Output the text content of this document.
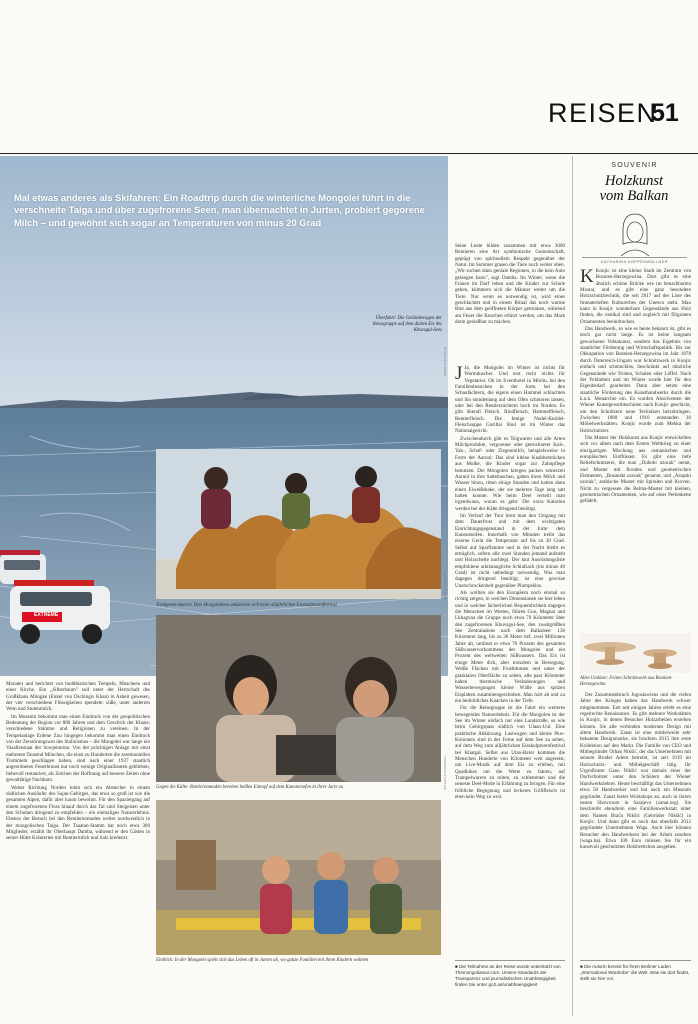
REISEN
51
Mal etwas anderes als Skifahren: Ein Roadtrip durch die winterliche Mongolei führt in die verschneite Taiga und über zugefrorene Seen, man übernachtet in Jurten, probiert gegorene Milch – und gewöhnt sich sogar an Temperaturen von minus 20 Grad
EXTREME
Überfahrt: Die Geländewagen der Reisegruppe auf dem dicken Eis des Khuvsgul-Sees
ANDRE FORSTER (4)
Trompeten-Auerot: Drei Mongolinnen amüsieren sich beim alljährlichen Eisskulpturenfestival
MICHAEL ZAMOYSK
Gegen die Kälte: Rentiernomaden bereiten heißen Eintopf auf dem Kanonenofen in ihrer Jurte zu	MATHIAS KLINGENBERG
Einblick: In der Mongolei spielt sich das Leben oft in Jurten ab, wo ganze Familien mit ihren Kindern wohnen

Monate) und berichtet von buddhistischen Tempeln, Moscheen und einer Kirche. Ein „Silberbaum" soll unter der Herrschaft des Großkhans Möngke (Enkel von Dschingis Khan) in Asbeit gewesen, der vier verschiedene Flüssigkeiten spendete: süße, unter anderem Wein und Stutenmilch.

Im Museum bekommt man einen Eindruck von der geopolitischen Bedeutung der Region vor 800 Jahren und dem Geschick der Khane, verschiedene Stämme und Religionen zu vereinen. In der Tempelanlage Erdene Zuu hingegen bekommt man einen Eindruck von der Zerstörungswut des Stalinismus – die Mongolei war lange ein Vasallenstaat der Sowjetunion. Von der prächtigen Anlage mit einst mehreren Tausend Mönchen, die einst zu Hunderten die zeremoniellen Trommeln geschlagen haben, sind nach einer 1937 staatlich angeordneten Feuerbrunst nur noch wenige Originalbauten geblieben, liebevoll restauriert, als Zeichen der Hoffnung auf bessere Zeiten ohne gewalttätige Nachbarn.

Weiter Richtung Norden lohnt sich ein Abstecher in einem südlichen Ausläufer des Sajan-Gebirges, das etwa so groß ist wie die gesamten Alpen, dafür aber kaum bewohnt. Für den Spaziergang auf einem zugefrorenen Fluss hinauf durch das Tal sind Steigeisen unter den Schuhen dringend zu empfehlen – ein einmaliges Naturerlebnis. Ebenso der Besuch bei den Rentiernomaden weiter nordwestlich in der mongolischen Taiga. Der Tsaatan-Stamm hat noch etwa 300 Mitglieder, erzählt ihr Oberhaupt Damba, während er den Gästen in seiner Hütte Kräutertee mit Rentiermilch und Salz kredenzt.

Seine Leute bilden zusammen mit etwa 3000 Rentieren eine Art symbiotische Gemeinschaft, geprägt von spirituellem Respekt gegenüber der Natur. Im Sommer grasen die Tiere noch weiter oben. „Wir suchen dann geniale Regionen, in die kein Auto gelangen kann", sagt Damba. Im Winter, wenn die Frauen im Dorf leben und die Kinder zur Schule gehen, kümmern sich die Männer weiter um die Tiere. Nur wenn es notwendig ist, wird eines geschlachtet und in einem Ritual das noch warme Blut aus dem geöffneten Körper getrunken, während am Feuer die Knochen erhitzt werden, um das Mark darin genießbar zu machen.

J Ja, die Mongolei im Winter ist nichts für Warmduscher. Und erst recht nichts für Vegetarier. Ob im Eventhotel in Mörön, bei den Familienbesuchen in der Jurte, bei den Schaufächtern, die eigens einen Hammel schlachten und ihn stundenlang auf dem Ofen schmoren lassen, oder bei den Rentierzüchtern hoch im Norden. Es gibt überall Fleisch. Rindfleisch, Hammelfleisch, Rentierfleisch. Die fettige Nudel-Knödel-Fleischsuppe Guriltai Shul ist im Winter das Nationalgericht.

Zwischendurch gibt es Teigwaren und alle Arten Milchprodukte, vergorener oder getrockneter Kuh-, Yak-, Schaf- oder Ziegenmilch, beispielsweise in Form der Aaruul: Das sind kleine Knabberstücken aus Molke, die Kinder sogar zur Zahnpflege benutzen. Die Mongolen kriegen packen seinerzeit Aaruul in ihre Satteltaschen, gaben ihren Milch und Wasser hinzu, ritten einige Stunden und hatten dann einen Eiweißshake, der sie mehrere Tage lang satt halten konnte. Wie beim Deel verteilt man irgendwann, woran es geht: Die extra Kalorien werden bei der Kälte dringend benötigt.

Im Verlauf der Tour lernt man den Umgang mit dem Dauerfrost und mit dem wichtigsten Einrichtungsgegenstand in der Jurte: dem Kanonenofen. Innerhalb von Minuten treibt das eiserne Gerät die Temperatur auf bis zu 30 Grad. Selbst auf Sparflamme und in der Nacht bleibt es erträglich, sofern alle zwei Stunden jemand aufsteht und Holzscheite nachlegt. Der laut Ausrüstungsliste empfohlene arktistaugliche Schlafsack (bis minus 40 Grad) ist nicht unbedingt notwendig. Was man dagegen dringend benötigt, ist eine gewisse Unerschrockenheit gegenüber Plumpsklos.

Als wollten sie den Europäern noch einmal so richtig zeigen, in welchen Dimensionen sie hier leben und in welcher lächerlichen Bequemlichkeit dagegen die Menschen im Westen, führen Goo, Magnai und Lkhagvaa die Gruppe noch etwa 70 Kilometer über den zugefrorenen Khuvsgul-See, den zweitgrößten See Zentralasiens nach dem Baikalsee: 136 Kilometer lang, bis zu 36 Meter tief, zwei Millionen Jahre alt, umfasst er etwa 70 Prozent des gesamten Süßwasservorkommens der Mongolei und ein Prozent des weltweiten Süßwassers. Das Eis ist einige Meter dick, aber trotzdem in Bewegung. Weiße Flächen mit Frostblumen und unter der glasklaren Oberfläche zu sehen, alle paar Kilometer haben thermische Veränderungen und Wasserbewegungen kleine Wälle aus spitzen Eisplatten zusammengeschoben. Man hört ab und zu ein bedrohliches Knacken in der Tiefe.

Für die Reisegruppe ist die Fahrt ein weiteres bewegendes Naturerlebnis. Für die Mongolen ist der See im Winter einfach nur eine Landstraße, so wie beim Gebirgspass südlich von Ulaan-Uul. Eine praktische Abkürzung. Lastwagen und kleine Pkw-Kolonnen sind in der Ferne auf dem See zu sehen, auf dem Weg zum alljährlichen Eisskulpturenfestival bei Khatgal. Selbst aus Ulan-Bator kommen die Menschen Hunderte von Kilometer weit angereist, um Live-Musik auf dem Eis zu erleben, mit Quadbikes um die Wette zu fahren, auf Trampelwarren zu reiten, zu schlemmen und die neueste Deel-Mode in Erfahrung zu bringen. Für eine fröhliche Begegnung und leckeres Grillfleisch ist eben kein Weg zu weit.

■ Die Teilnahme an der Reise wurde unterstützt von Themongoliatour.com. Unsere Standards der Transparenz und journalistischen Unabhängigkeit finden Sie unter go2.as/unabhaengigkeit
SOUVENIR
Holzkunst
vom Balkan
KATHARINA KOPPENWALLNER

K Konjic ist eine kleine Stadt im Zentrum von Bosnien-Herzegowina. Dort gibt es eine ähnlich schöne Brücke wie im benachbarten Mostar, und es gibt eine ganz besondere Holzschnitztechnik, die seit 2017 auf der Liste des Immateriellen Kulturerbes der Unesco steht. Man kann in Konjic wunderbare Gegenstände aus Holz finden, die rustikal sind und zugleich mit filigranen Ornamenten beeindrucken.

Das Handwerk, so wie es heute bekannt ist, gibt es noch gar nicht lange. Es ist keine langsam gewachsene Volkskunst, sondern das Ergebnis von staatlicher Förderung und Wirtschaftspolitik. Bis zur Okkupation von Bosnien-Herzegowina im Jahr 1878 durch Österreich-Ungarn war Schnitzwerk in Konjic einfach und schmucklos, beschränkt auf nützliche Gegenstände wie Truhen, Schalen oder Löffel. Nach der Feldarbeit und im Winter wurde hier für den Eigenbedarf gearbeitet. Dann aber setzte eine staatliche Förderung des Kunsthandwerks durch die k.u.k. Monarchie ein. Es wurden Absolventen der Wiener Kunstgewerbeschulen nach Konjic geschickt, um den Schnitzern neue Techniken beizubringen. Zwischen 1880 und 1910 entstanden 36 Möbelwerkstätten. Konjic wurde zum Mekka der Holzschnitzer.

Die Muster der Holzkunst aus Konjic entwickelten sich vor allem nach dem Ersten Weltkrieg zu einer einzigartigen Mischung aus osmanischen und europäischen Einflüssen. Es gibt eine tiefe Reliefschnitzerei, die man „Duboki uzorak" nennt, und Muster mit floralen und geometrischen Elementen, „Bosanski uzorak" genannt, und „Arapski uzorak", arabische Muster mit Spiralen und Kurven. Nicht zu vergessen die Relma-Muster mit kleinen, geometrischen Ornamenten, wie auf einer Perlenkette gefädelt.

Alles Umkiste: Feines Schnitzwerk aus Bosnien-Herzegowina

Der Zusammenbruch Jugoslawiens und die vielen Jahre des Krieges haben das Handwerk schwer mitgenommen. Erst seit einigen Jahren erlebt es eine regelrechte Renaissance. Es gibt mehrere Werkstätten in Konjic, in denen Besucher Holzarbeiten erstehen können. Sie alle verbinden modernes Design mit altem Handwerk. Zanat ist eine mittlerweile sehr bekannte Designmarke, sie brachten 2015 ihre erste Kollektion auf den Markt. Die Familie von CEO und Mitbegründer Orhan Nikšić, der das Unternehmen mit seinem Bruder Adem betreibt, ist seit 1919 im Holzschnitz- und Möbelgeschäft tätig. Ihr Urgroßvater Gano Nikšić war damals einer der Dorfschnitzer unter den Schülern der Wiener Handwerkslehrer. Heute beschäftigt das Unternehmen etwa 50 Handwerker und hat auch ein Museum gegründet. Zanat bietet Workshops an, auch in ihrem neuen Showroom in Sarajevo (zanat.org). Sie beschreibt ebendrein eine Familienwerkstatt unter dem Namen Brača Nikšić (Gebrüder Nikšić) in Konjic. Und dann gibt es noch das ebenfalls 2012 gegründete Unternehmen Wags. Auch hier können Besucher den Handwerkern bei der Arbeit zusehen (waga.ba). Etwa 100 Euro müssen Sie für ein kunstvoll geschnitztes Holzbrettchen ausgeben.

■ Die Autorin bereist für ihren Berliner Laden „International Wardrobe" die Welt. Was sie dort findet, stellt sie hier vor.
